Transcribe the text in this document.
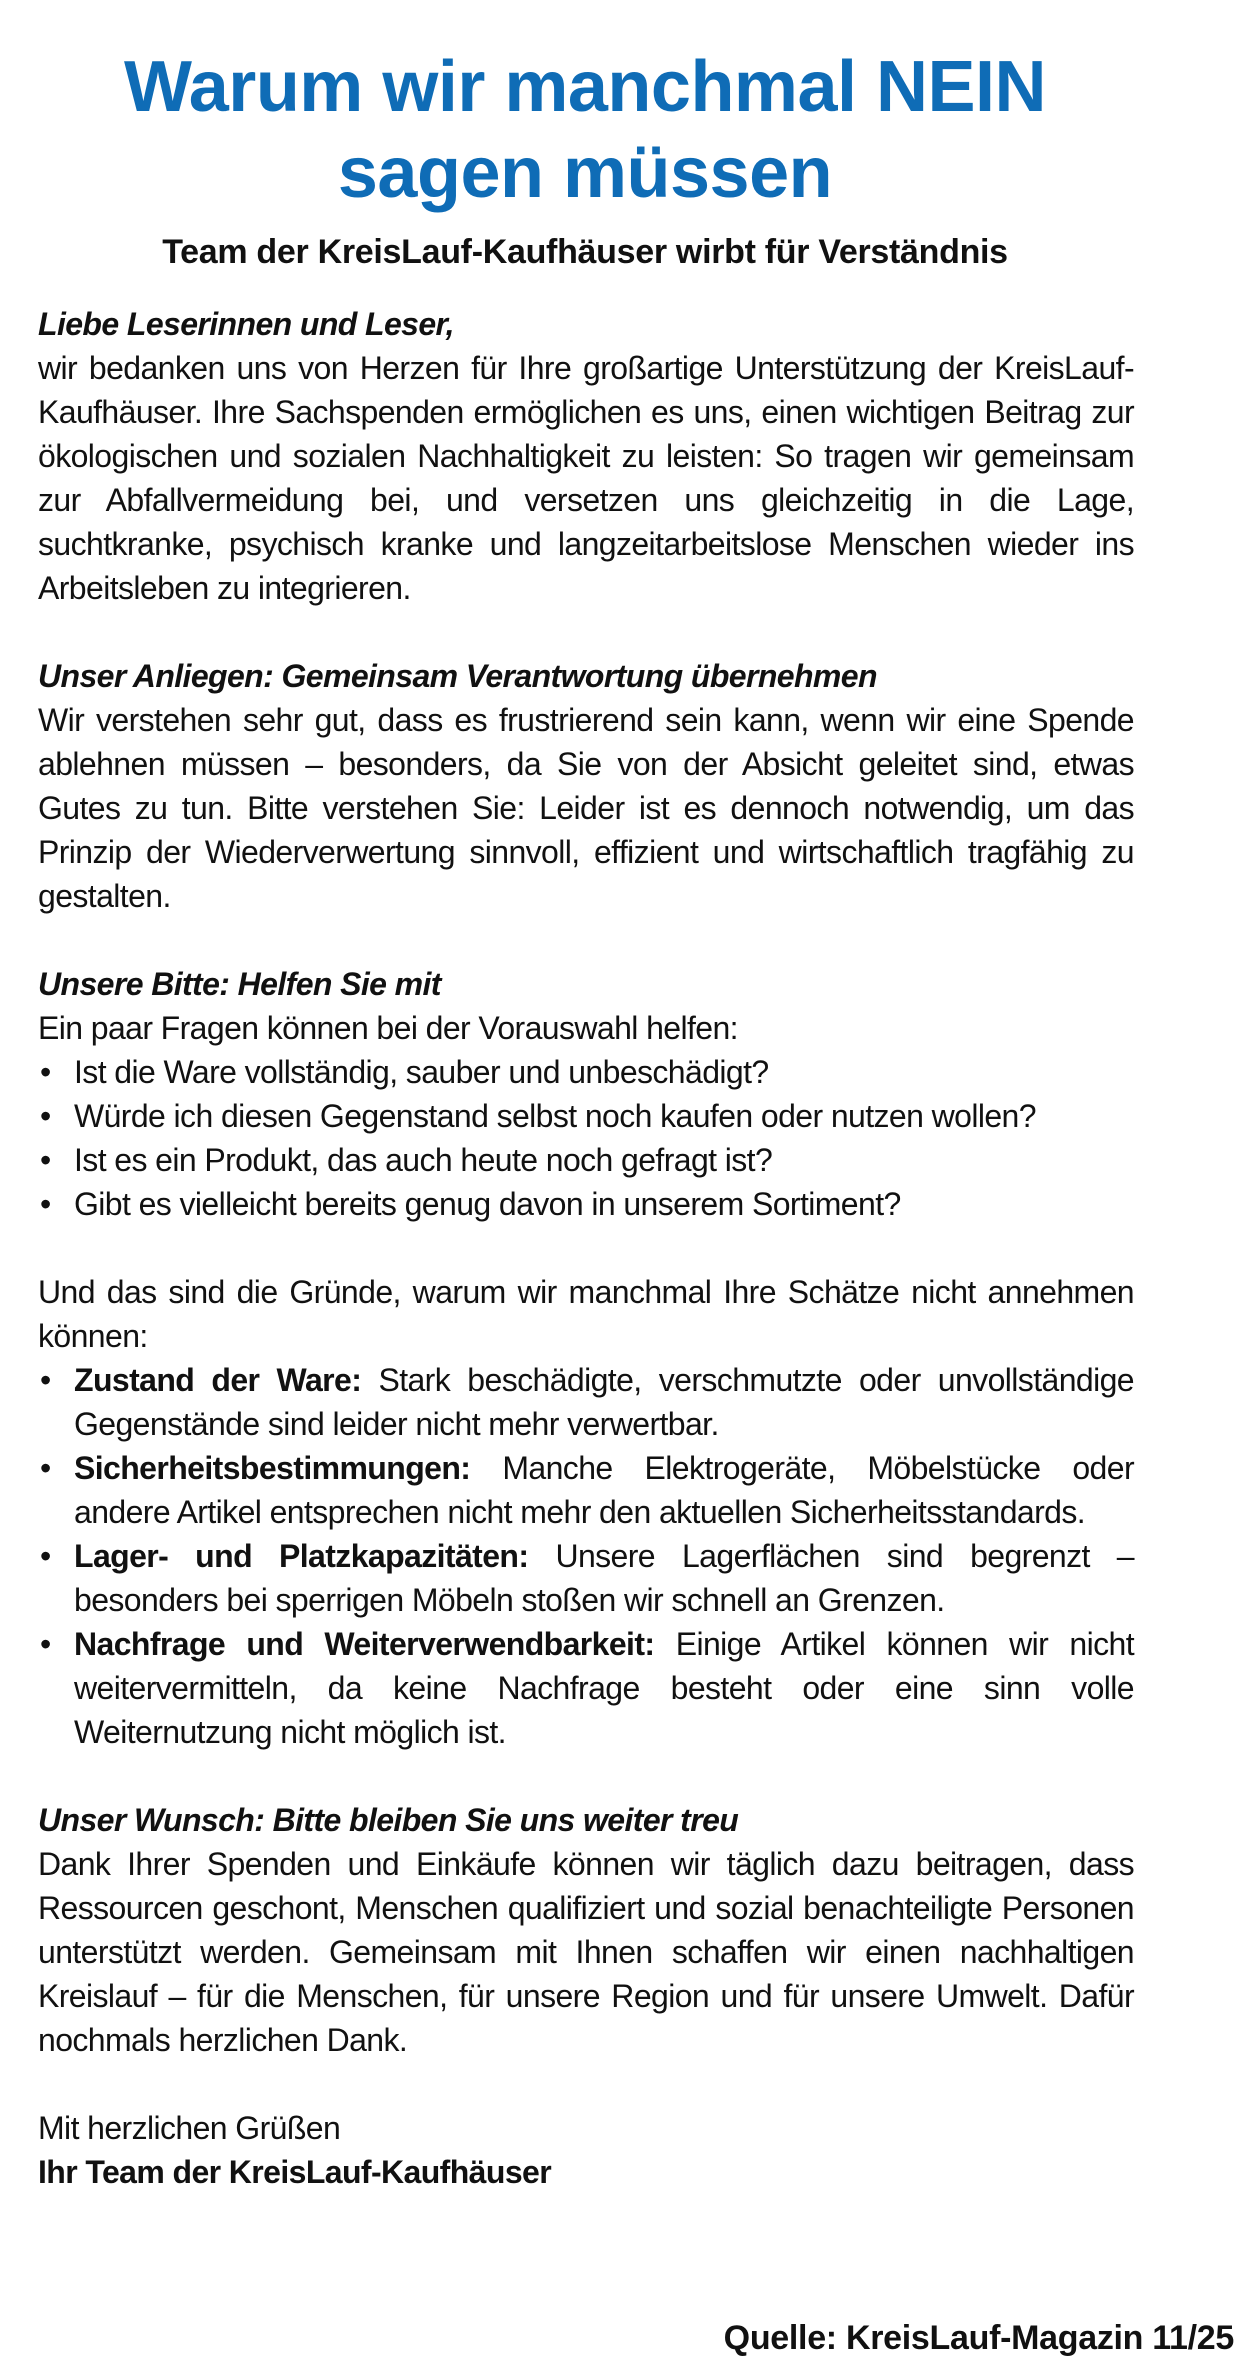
Warum wir manchmal NEIN
sagen müssen

Team der KreisLauf-Kaufhäuser wirbt für Verständnis

Liebe Leserinnen und Leser,

wir bedanken uns von Herzen für Ihre großartige Unterstützung der KreisLauf-Kaufhäuser. Ihre Sachspenden ermöglichen es uns, einen wichtigen Beitrag zur ökologischen und sozialen Nachhaltigkeit zu leisten: So tragen wir gemeinsam zur Abfallvermeidung bei, und versetzen uns gleichzeitig in die Lage, suchtkranke, psychisch kranke und langzeitarbeitslose Menschen wieder ins Arbeitsleben zu integrieren.

Unser Anliegen: Gemeinsam Verantwortung übernehmen

Wir verstehen sehr gut, dass es frustrierend sein kann, wenn wir eine Spende ablehnen müssen – besonders, da Sie von der Absicht geleitet sind, etwas Gutes zu tun. Bitte verstehen Sie: Leider ist es dennoch notwendig, um das Prinzip der Wiederverwertung sinnvoll, effizient und wirtschaftlich tragfähig zu gestalten.

Unsere Bitte: Helfen Sie mit

Ein paar Fragen können bei der Vorauswahl helfen:

• Ist die Ware vollständig, sauber und unbeschädigt?
• Würde ich diesen Gegenstand selbst noch kaufen oder nutzen wollen?
• Ist es ein Produkt, das auch heute noch gefragt ist?
• Gibt es vielleicht bereits genug davon in unserem Sortiment?

Und das sind die Gründe, warum wir manchmal Ihre Schätze nicht annehmen können:

• Zustand der Ware: Stark beschädigte, verschmutzte oder unvollständige Gegenstände sind leider nicht mehr verwertbar.
• Sicherheitsbestimmungen: Manche Elektrogeräte, Möbelstücke oder andere Artikel entsprechen nicht mehr den aktuellen Sicherheitsstandards.
• Lager- und Platzkapazitäten: Unsere Lagerflächen sind begrenzt – besonders bei sperrigen Möbeln stoßen wir schnell an Grenzen.
• Nachfrage und Weiterverwendbarkeit: Einige Artikel können wir nicht weitervermitteln, da keine Nachfrage besteht oder eine sinn volle Weiternutzung nicht möglich ist.
Unser Wunsch: Bitte bleiben Sie uns weiter treu

Dank Ihrer Spenden und Einkäufe können wir täglich dazu beitragen, dass Ressourcen geschont, Menschen qualifiziert und sozial benachteiligte Personen unterstützt werden. Gemeinsam mit Ihnen schaffen wir einen nachhaltigen Kreislauf – für die Menschen, für unsere Region und für unsere Umwelt. Dafür nochmals herzlichen Dank.

Mit herzlichen Grüßen
Ihr Team der KreisLauf-Kaufhäuser
Quelle: KreisLauf-Magazin 11/25
